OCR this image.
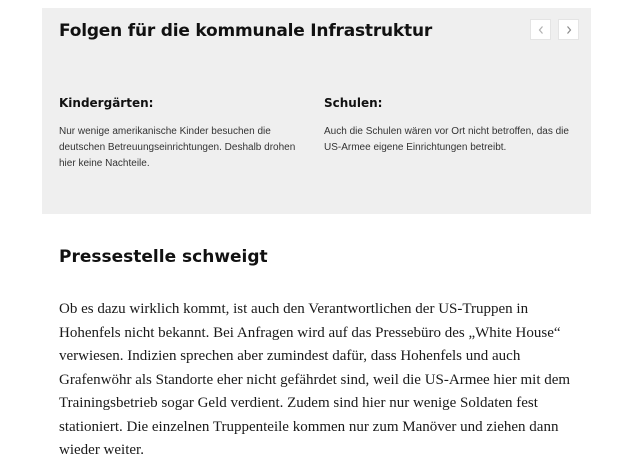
Folgen für die kommunale Infrastruktur
Kindergärten:

Nur wenige amerikanische Kinder besuchen die deutschen Betreuungseinrichtungen. Deshalb drohen hier keine Nachteile.

Schulen:

Auch die Schulen wären vor Ort nicht betroffen, das die US-Armee eigene Einrichtungen betreibt.

Pressestelle schweigt

Ob es dazu wirklich kommt, ist auch den Verantwortlichen der US-Truppen in Hohenfels nicht bekannt. Bei Anfragen wird auf das Pressebüro des „White House“ verwiesen. Indizien sprechen aber zumindest dafür, dass Hohenfels und auch Grafenwöhr als Standorte eher nicht gefährdet sind, weil die US-Armee hier mit dem Trainingsbetrieb sogar Geld verdient. Zudem sind hier nur wenige Soldaten fest stationiert. Die einzelnen Truppenteile kommen nur zum Manöver und ziehen dann wieder weiter.
